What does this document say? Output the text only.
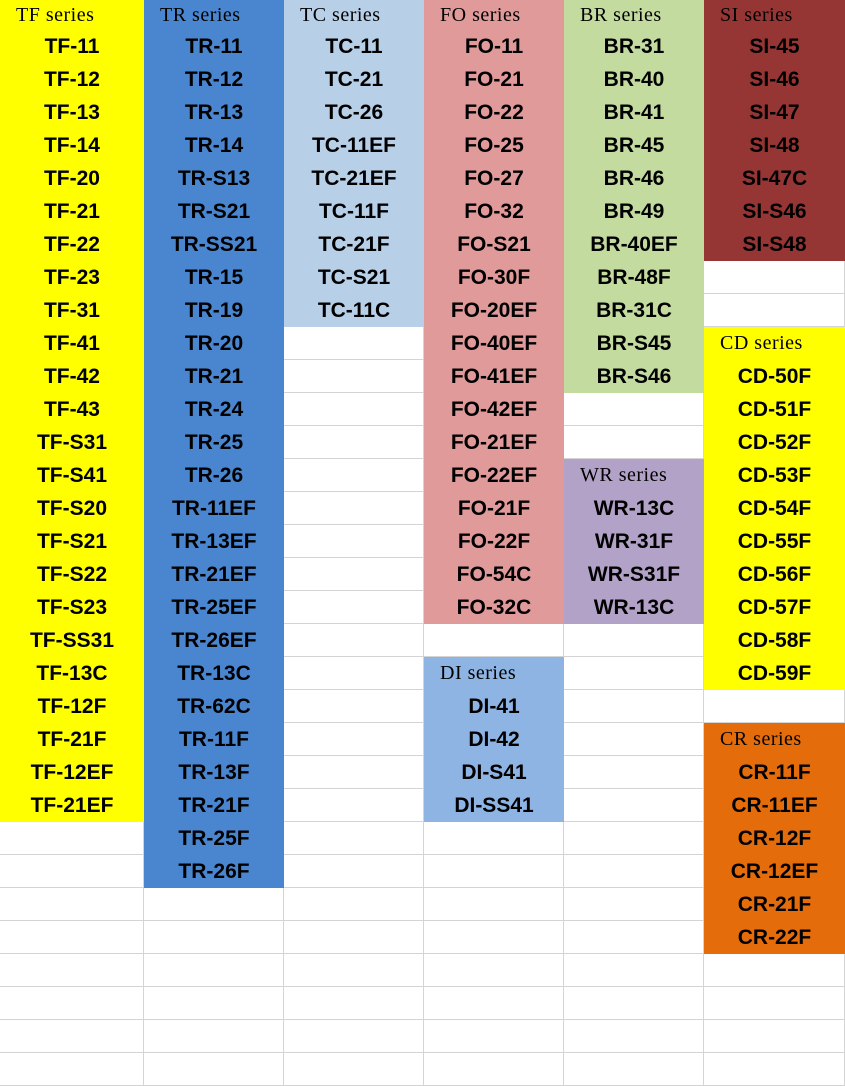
TF series
TF-11
TF-12
TF-13
TF-14
TF-20
TF-21
TF-22
TF-23
TF-31
TF-41
TF-42
TF-43
TF-S31
TF-S41
TF-S20
TF-S21
TF-S22
TF-S23
TF-SS31
TF-13C
TF-12F
TF-21F
TF-12EF
TF-21EF
TR series
TR-11
TR-12
TR-13
TR-14
TR-S13
TR-S21
TR-SS21
TR-15
TR-19
TR-20
TR-21
TR-24
TR-25
TR-26
TR-11EF
TR-13EF
TR-21EF
TR-25EF
TR-26EF
TR-13C
TR-62C
TR-11F
TR-13F
TR-21F
TR-25F
TR-26F
TC series
TC-11
TC-21
TC-26
TC-11EF
TC-21EF
TC-11F
TC-21F
TC-S21
TC-11C
FO series
FO-11
FO-21
FO-22
FO-25
FO-27
FO-32
FO-S21
FO-30F
FO-20EF
FO-40EF
FO-41EF
FO-42EF
FO-21EF
FO-22EF
FO-21F
FO-22F
FO-54C
FO-32C
DI series
DI-41
DI-42
DI-S41
DI-SS41
BR series
BR-31
BR-40
BR-41
BR-45
BR-46
BR-49
BR-40EF
BR-48F
BR-31C
BR-S45
BR-S46
WR series
WR-13C
WR-31F
WR-S31F
WR-13C
SI series
SI-45
SI-46
SI-47
SI-48
SI-47C
SI-S46
SI-S48
CD series
CD-50F
CD-51F
CD-52F
CD-53F
CD-54F
CD-55F
CD-56F
CD-57F
CD-58F
CD-59F
CR series
CR-11F
CR-11EF
CR-12F
CR-12EF
CR-21F
CR-22F
